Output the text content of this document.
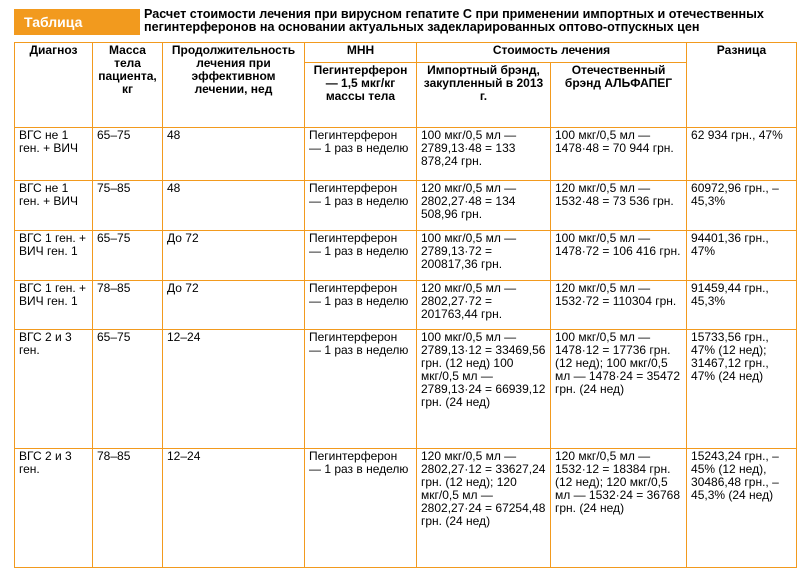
Таблица	Расчет стоимости лечения при вирусном гепатите С при применении импортных и отечественных пегинтерферонов на основании актуальных задекларированных оптово-отпускных цен
Диагноз	Масса тела пациента, кг	Продолжительность лечения при эффективном лечении, нед	МНН	Стоимость лечения		Разница
			Пегинтерферон — 1,5 мкг/кг массы тела	Импортный брэнд, закупленный в 2013 г.	Отечественный брэнд АЛЬФАПЕГ	
ВГС не 1 ген. + ВИЧ	65–75	48	Пегинтерферон — 1 раз в неделю	100 мкг/0,5 мл — 2789,13·48 = 133 878,24 грн.	100 мкг/0,5 мл — 1478·48 = 70 944 грн.	62 934 грн., 47%
ВГС не 1 ген. + ВИЧ	75–85	48	Пегинтерферон — 1 раз в неделю	120 мкг/0,5 мл — 2802,27·48 = 134 508,96 грн.	120 мкг/0,5 мл — 1532·48 = 73 536 грн.	60972,96 грн., – 45,3%
ВГС 1 ген. + ВИЧ ген. 1	65–75	До 72	Пегинтерферон — 1 раз в неделю	100 мкг/0,5 мл — 2789,13·72 = 200817,36 грн.	100 мкг/0,5 мл — 1478·72 = 106 416 грн.	94401,36 грн., 47%
ВГС 1 ген. + ВИЧ ген. 1	78–85	До 72	Пегинтерферон — 1 раз в неделю	120 мкг/0,5 мл — 2802,27·72 = 201763,44 грн.	120 мкг/0,5 мл — 1532·72 = 110304 грн.	91459,44 грн., 45,3%
ВГС 2 и 3 ген.	65–75	12–24	Пегинтерферон — 1 раз в неделю	100 мкг/0,5 мл — 2789,13·12 = 33469,56 грн. (12 нед) 100 мкг/0,5 мл — 2789,13·24 = 66939,12 грн. (24 нед)	100 мкг/0,5 мл — 1478·12 = 17736 грн. (12 нед); 100 мкг/0,5 мл — 1478·24 = 35472 грн. (24 нед)	15733,56 грн., 47% (12 нед); 31467,12 грн., 47% (24 нед)
ВГС 2 и 3 ген.	78–85	12–24	Пегинтерферон — 1 раз в неделю	120 мкг/0,5 мл — 2802,27·12 = 33627,24 грн. (12 нед); 120 мкг/0,5 мл — 2802,27·24 = 67254,48 грн. (24 нед)	120 мкг/0,5 мл — 1532·12 = 18384 грн. (12 нед); 120 мкг/0,5 мл — 1532·24 = 36768 грн. (24 нед)	15243,24 грн., – 45% (12 нед), 30486,48 грн., – 45,3% (24 нед)
